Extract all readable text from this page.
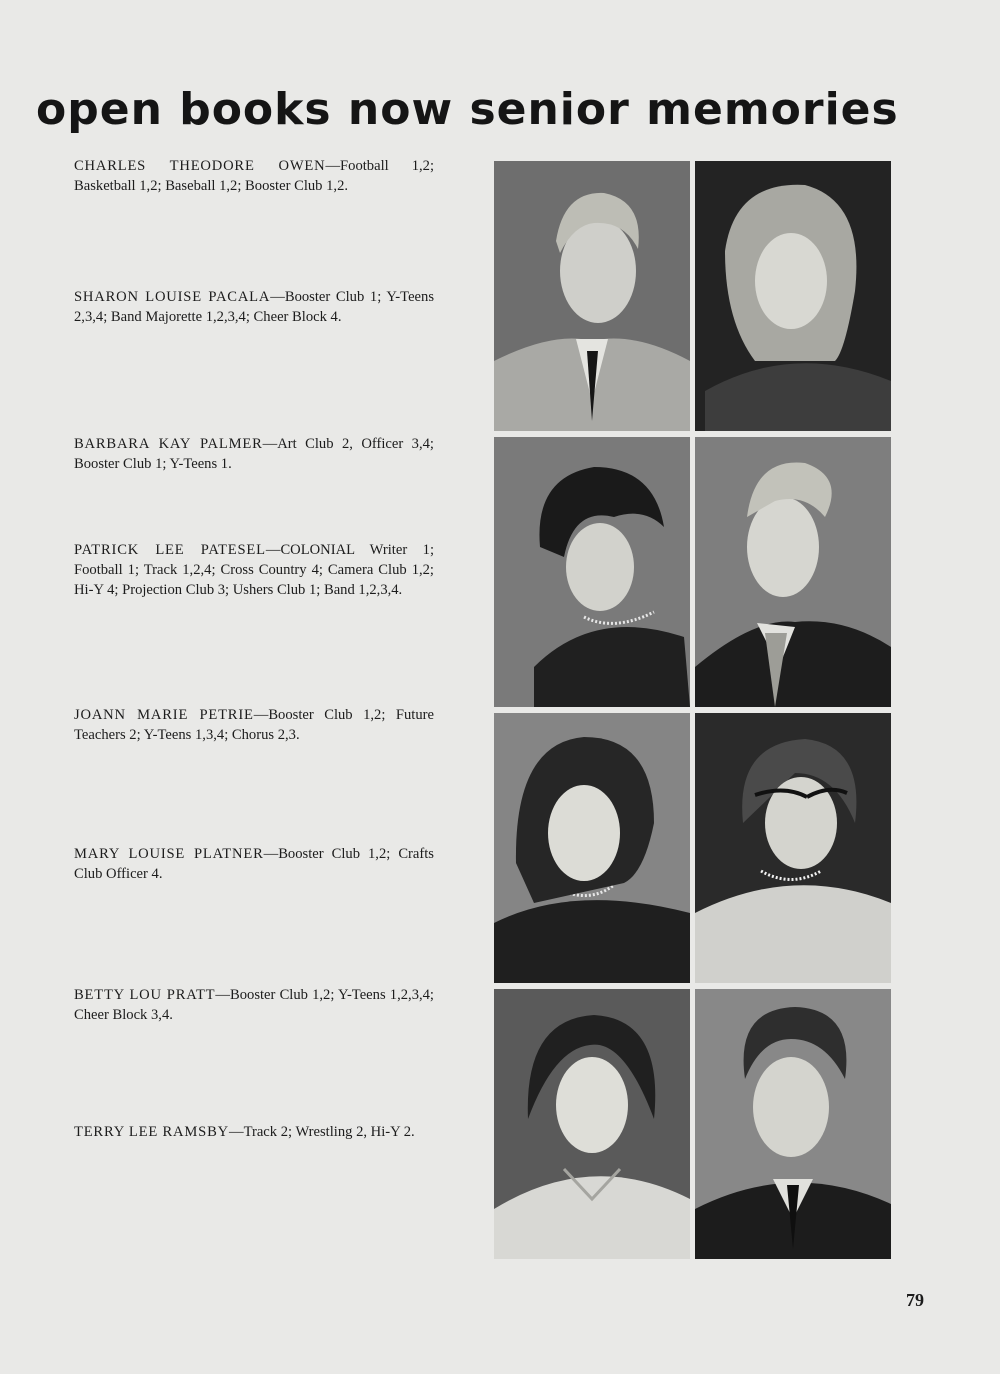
open books now senior memories

CHARLES THEODORE OWEN—Football 1,2; Basketball 1,2; Baseball 1,2; Booster Club 1,2.

SHARON LOUISE PACALA—Booster Club 1; Y-Teens 2,3,4; Band Majorette 1,2,3,4; Cheer Block 4.

BARBARA KAY PALMER—Art Club 2, Officer 3,4; Booster Club 1; Y-Teens 1.

PATRICK LEE PATESEL—COLONIAL Writer 1; Football 1; Track 1,2,4; Cross Country 4; Camera Club 1,2; Hi-Y 4; Projection Club 3; Ushers Club 1; Band 1,2,3,4.

JOANN MARIE PETRIE—Booster Club 1,2; Future Teachers 2; Y-Teens 1,3,4; Chorus 2,3.

MARY LOUISE PLATNER—Booster Club 1,2; Crafts Club Officer 4.

BETTY LOU PRATT—Booster Club 1,2; Y-Teens 1,2,3,4; Cheer Block 3,4.

TERRY LEE RAMSBY—Track 2; Wrestling 2, Hi-Y 2.

79
